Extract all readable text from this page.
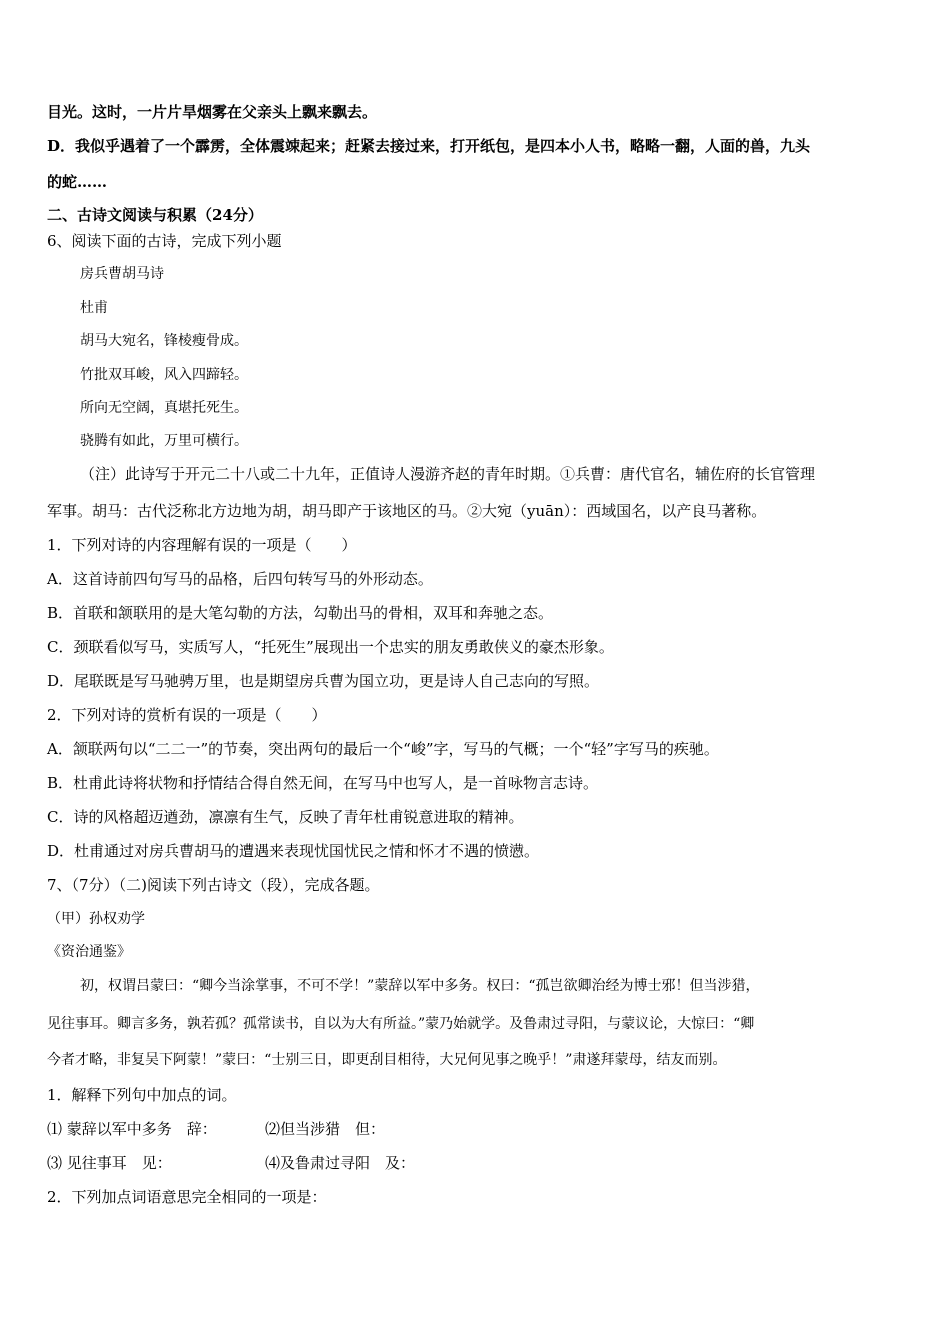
目光。这时，一片片旱烟雾在父亲头上飘来飘去。
D．我似乎遇着了一个霹雳，全体震竦起来；赶紧去接过来，打开纸包，是四本小人书，略略一翻，人面的兽，九头
的蛇……
二、古诗文阅读与积累（24分）
6、阅读下面的古诗，完成下列小题
房兵曹胡马诗
杜甫
胡马大宛名，锋棱瘦骨成。
竹批双耳峻，风入四蹄轻。
所向无空阔，真堪托死生。
骁腾有如此，万里可横行。
（注）此诗写于开元二十八或二十九年，正值诗人漫游齐赵的青年时期。①兵曹：唐代官名，辅佐府的长官管理
军事。胡马：古代泛称北方边地为胡，胡马即产于该地区的马。②大宛（yuān）：西域国名，以产良马著称。
1．下列对诗的内容理解有误的一项是（　　）
A．这首诗前四句写马的品格，后四句转写马的外形动态。
B．首联和颔联用的是大笔勾勒的方法，勾勒出马的骨相，双耳和奔驰之态。
C．颈联看似写马，实质写人，“托死生”展现出一个忠实的朋友勇敢侠义的豪杰形象。
D．尾联既是写马驰骋万里，也是期望房兵曹为国立功，更是诗人自己志向的写照。
2．下列对诗的赏析有误的一项是（　　）
A．颔联两句以“二二一”的节奏，突出两句的最后一个“峻”字，写马的气概；一个“轻”字写马的疾驰。
B．杜甫此诗将状物和抒情结合得自然无间，在写马中也写人，是一首咏物言志诗。
C．诗的风格超迈遒劲，凛凛有生气，反映了青年杜甫锐意进取的精神。
D．杜甫通过对房兵曹胡马的遭遇来表现忧国忧民之情和怀才不遇的愤懑。
7、（7分）（二)阅读下列古诗文（段），完成各题。
（甲）孙权劝学
《资治通鉴》
初，权谓吕蒙曰：“卿今当涂掌事，不可不学！”蒙辞以军中多务。权曰：“孤岂欲卿治经为博士邪！但当涉猎，
见往事耳。卿言多务，孰若孤？孤常读书，自以为大有所益。”蒙乃始就学。及鲁肃过寻阳，与蒙议论，大惊曰：“卿
今者才略，非复吴下阿蒙！”蒙曰：“士别三日，即更刮目相待，大兄何见事之晚乎！”肃遂拜蒙母，结友而别。
1．解释下列句中加点的词。
⑴ 蒙辞以军中多务　辞：	⑵但当涉猎　但：
⑶ 见往事耳　见：	⑷及鲁肃过寻阳　及：
2．下列加点词语意思完全相同的一项是：
